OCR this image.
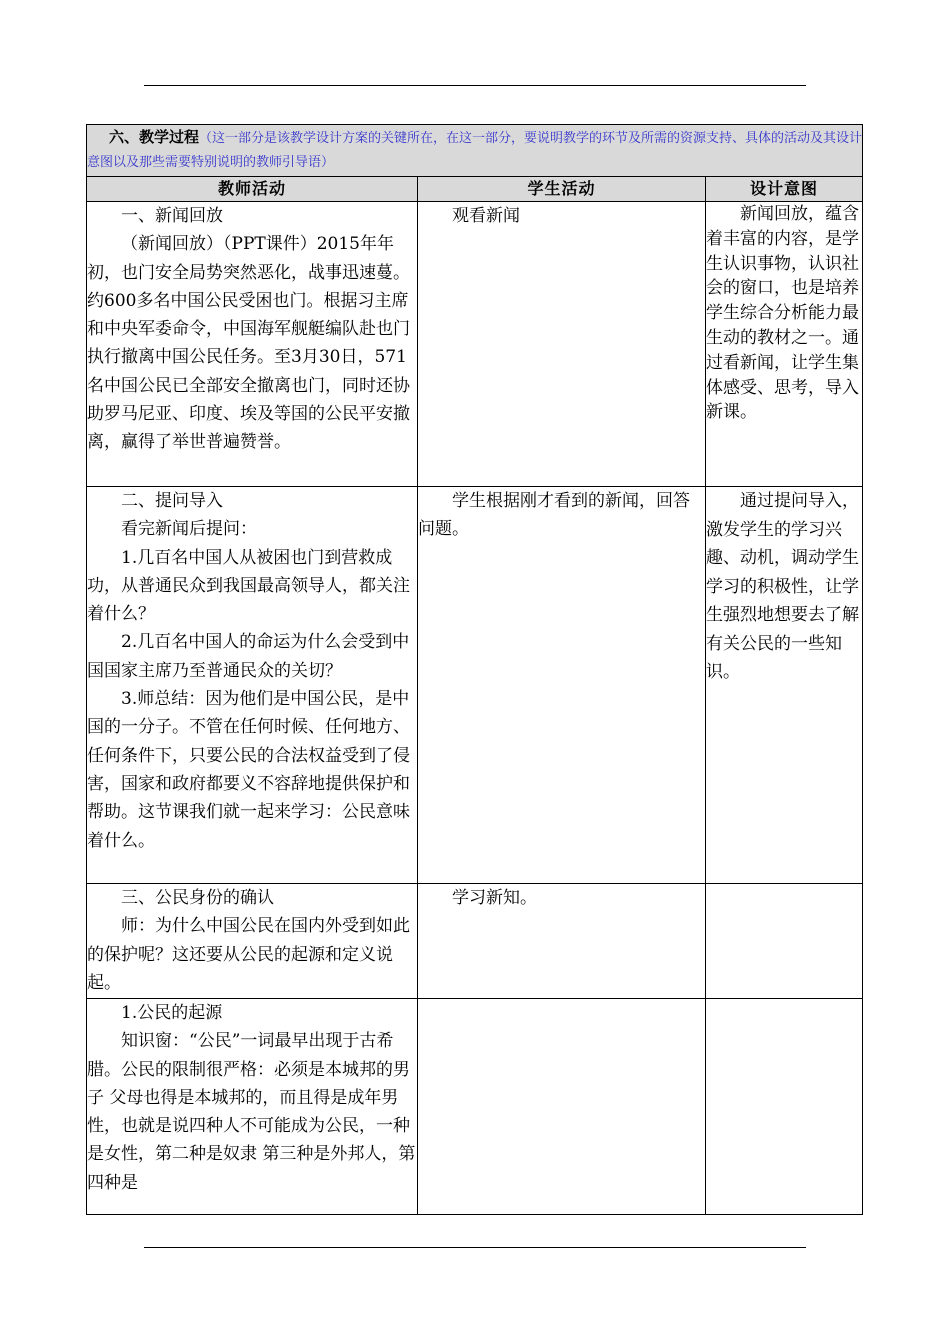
六、教学过程（这一部分是该教学设计方案的关键所在，在这一部分，要说明教学的环节及所需的资源支持、具体的活动及其设计意图以及那些需要特别说明的教师引导语）		
教师活动	学生活动	设计意图

一、新闻回放

（新闻回放）（PPT课件）2015年年初，也门安全局势突然恶化，战事迅速蔓。约600多名中国公民受困也门。根据习主席和中央军委命令，中国海军舰艇编队赴也门执行撤离中国公民任务。至3月30日，571名中国公民已全部安全撤离也门，同时还协助罗马尼亚、印度、埃及等国的公民平安撤离，赢得了举世普遍赞誉。	观看新闻	新闻回放，蕴含着丰富的内容，是学生认识事物，认识社会的窗口，也是培养学生综合分析能力最生动的教材之一。通过看新闻，让学生集体感受、思考，导入新课。

二、提问导入

看完新闻后提问：

1.几百名中国人从被困也门到营救成功，从普通民众到我国最高领导人，都关注着什么？

2.几百名中国人的命运为什么会受到中国国家主席乃至普通民众的关切？

3.师总结：因为他们是中国公民，是中国的一分子。不管在任何时候、任何地方、任何条件下，只要公民的合法权益受到了侵害，国家和政府都要义不容辞地提供保护和帮助。这节课我们就一起来学习：公民意味着什么。	学生根据刚才看到的新闻，回答问题。	通过提问导入，激发学生的学习兴趣、动机，调动学生学习的积极性，让学生强烈地想要去了解有关公民的一些知识。

三、公民身份的确认

师：为什么中国公民在国内外受到如此的保护呢？这还要从公民的起源和定义说起。	学习新知。	

1.公民的起源

知识窗：“公民”一词最早出现于古希腊。公民的限制很严格：必须是本城邦的男子 父母也得是本城邦的，而且得是成年男性，也就是说四种人不可能成为公民，一种是女性，第二种是奴隶 第三种是外邦人，第四种是		
